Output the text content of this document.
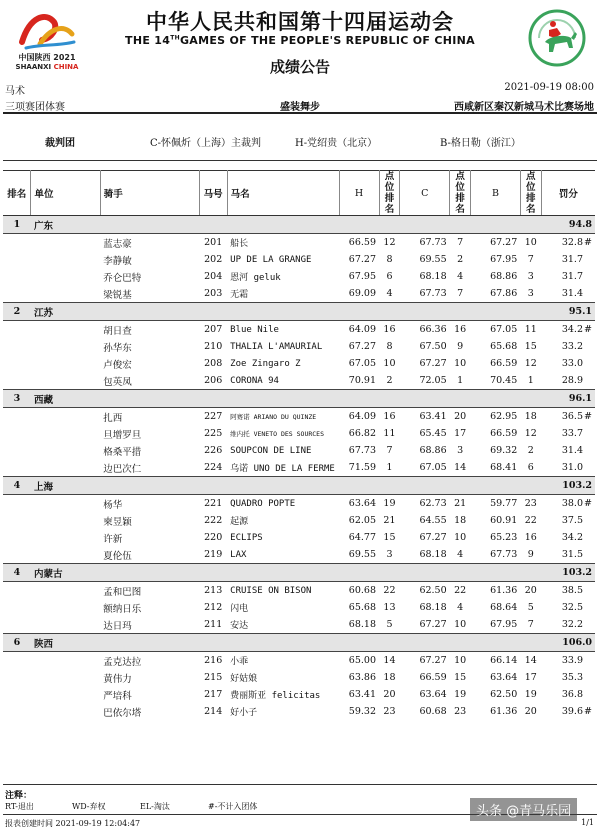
中国陕西 2021
SHAANXI CHINA
中华人民共和国第十四届运动会
THE 14THGAMES OF THE PEOPLE'S REPUBLIC OF CHINA
成绩公告
马术	2021-09-19 08:00
三项赛团体赛	盛装舞步	西咸新区秦汉新城马术比赛场地
裁判团	C-怀佩炘（上海）主裁判	H-党绍贵（北京）	B-格日勒（浙江）
排名	单位	骑手	马号	马名	H	点位排名	C	点位排名	B	点位排名	罚分
1	广东										94.8
		蓝志豪	201	船长	66.59	12	67.73	7	67.27	10	32.8#
		李静敏	202	UP DE LA GRANGE	67.27	8	69.55	2	67.95	7	31.7
		乔仑巴特	204	恩河 geluk	67.95	6	68.18	4	68.86	3	31.7
		梁锐基	203	无霜	69.09	4	67.73	7	67.86	3	31.4
2	江苏										95.1
		胡日查	207	Blue Nile	64.09	16	66.36	16	67.05	11	34.2#
		孙华东	210	THALIA L'AMAURIAL	67.27	8	67.50	9	65.68	15	33.2
		卢俊宏	208	Zoe Zingaro Z	67.05	10	67.27	10	66.59	12	33.0
		包英凤	206	CORONA 94	70.91	2	72.05	1	70.45	1	28.9
3	西藏										96.1
		扎西	227	阿赛诺 ARIANO DU QUINZE	64.09	16	63.41	20	62.95	18	36.5#
		旦增罗旦	225	维内托 VENETO DES SOURCES	66.82	11	65.45	17	66.59	12	33.7
		格桑平措	226	SOUPCON DE LINE	67.73	7	68.86	3	69.32	2	31.4
		边巴次仁	224	乌诺 UNO DE LA FERME	71.59	1	67.05	14	68.41	6	31.0
4	上海										103.2
		杨华	221	QUADRO POPTE	63.64	19	62.73	21	59.77	23	38.0#
		柬昱颖	222	起源	62.05	21	64.55	18	60.91	22	37.5
		许新	220	ECLIPS	64.77	15	67.27	10	65.23	16	34.2
		夏伦伍	219	LAX	69.55	3	68.18	4	67.73	9	31.5
4	内蒙古										103.2
		孟和巴图	213	CRUISE ON BISON	60.68	22	62.50	22	61.36	20	38.5
		额纳日乐	212	闪电	65.68	13	68.18	4	68.64	5	32.5
		达日玛	211	安达	68.18	5	67.27	10	67.95	7	32.2
6	陕西										106.0
		孟克达拉	216	小乖	65.00	14	67.27	10	66.14	14	33.9
		黄伟力	215	好姑娘	63.86	18	66.59	15	63.64	17	35.3
		严培科	217	费丽斯亚 felicitas	63.41	20	63.64	19	62.50	19	36.8
		巴依尔塔	214	好小子	59.32	23	60.68	23	61.36	20	39.6#
注释：
RT-退出	WD-弃权	EL-淘汰	#-不计入团体
报表创建时间 2021-09-19 12:04:47	1/1
头条 @青马乐园
